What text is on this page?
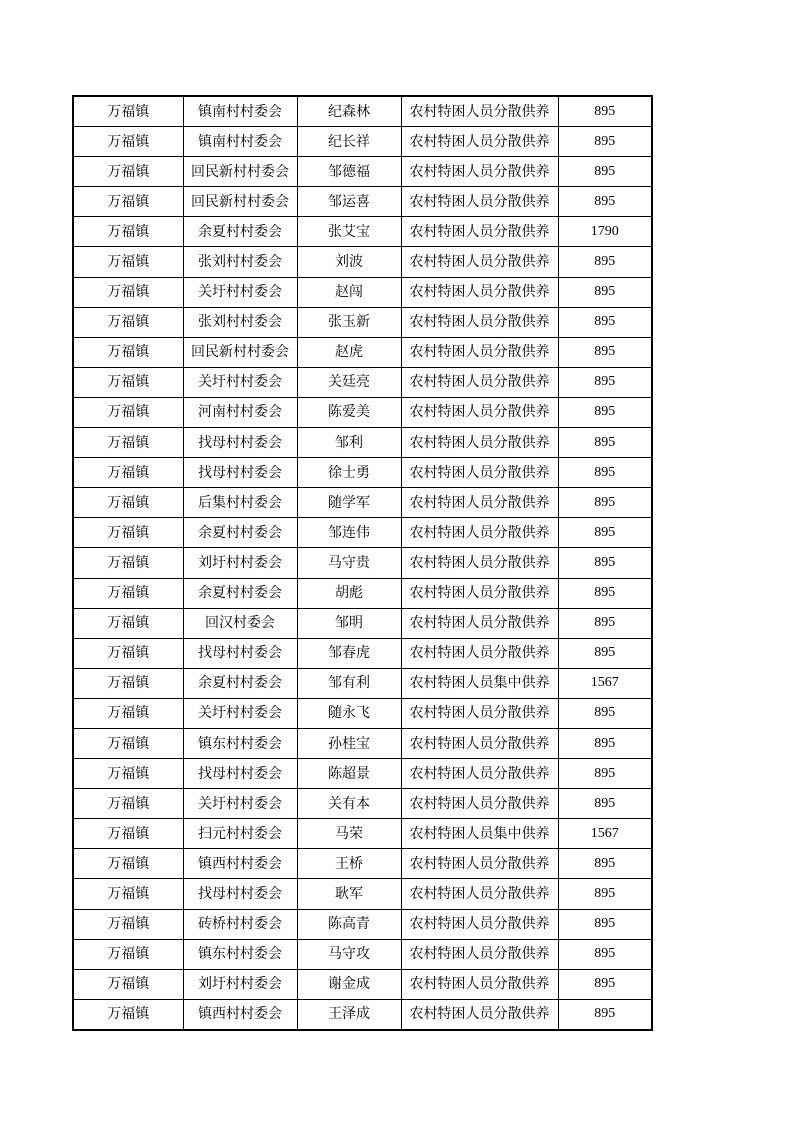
万福镇	镇南村村委会	纪森林	农村特困人员分散供养	895
万福镇	镇南村村委会	纪长祥	农村特困人员分散供养	895
万福镇	回民新村村委会	邹德福	农村特困人员分散供养	895
万福镇	回民新村村委会	邹运喜	农村特困人员分散供养	895
万福镇	余夏村村委会	张艾宝	农村特困人员分散供养	1790
万福镇	张刘村村委会	刘波	农村特困人员分散供养	895
万福镇	关圩村村委会	赵闯	农村特困人员分散供养	895
万福镇	张刘村村委会	张玉新	农村特困人员分散供养	895
万福镇	回民新村村委会	赵虎	农村特困人员分散供养	895
万福镇	关圩村村委会	关廷亮	农村特困人员分散供养	895
万福镇	河南村村委会	陈爱美	农村特困人员分散供养	895
万福镇	找母村村委会	邹利	农村特困人员分散供养	895
万福镇	找母村村委会	徐士勇	农村特困人员分散供养	895
万福镇	后集村村委会	随学军	农村特困人员分散供养	895
万福镇	余夏村村委会	邹连伟	农村特困人员分散供养	895
万福镇	刘圩村村委会	马守贵	农村特困人员分散供养	895
万福镇	余夏村村委会	胡彪	农村特困人员分散供养	895
万福镇	回汉村委会	邹明	农村特困人员分散供养	895
万福镇	找母村村委会	邹春虎	农村特困人员分散供养	895
万福镇	余夏村村委会	邹有利	农村特困人员集中供养	1567
万福镇	关圩村村委会	随永飞	农村特困人员分散供养	895
万福镇	镇东村村委会	孙桂宝	农村特困人员分散供养	895
万福镇	找母村村委会	陈超景	农村特困人员分散供养	895
万福镇	关圩村村委会	关有本	农村特困人员分散供养	895
万福镇	扫元村村委会	马荣	农村特困人员集中供养	1567
万福镇	镇西村村委会	王桥	农村特困人员分散供养	895
万福镇	找母村村委会	耿军	农村特困人员分散供养	895
万福镇	砖桥村村委会	陈高青	农村特困人员分散供养	895
万福镇	镇东村村委会	马守攻	农村特困人员分散供养	895
万福镇	刘圩村村委会	谢金成	农村特困人员分散供养	895
万福镇	镇西村村委会	王泽成	农村特困人员分散供养	895
